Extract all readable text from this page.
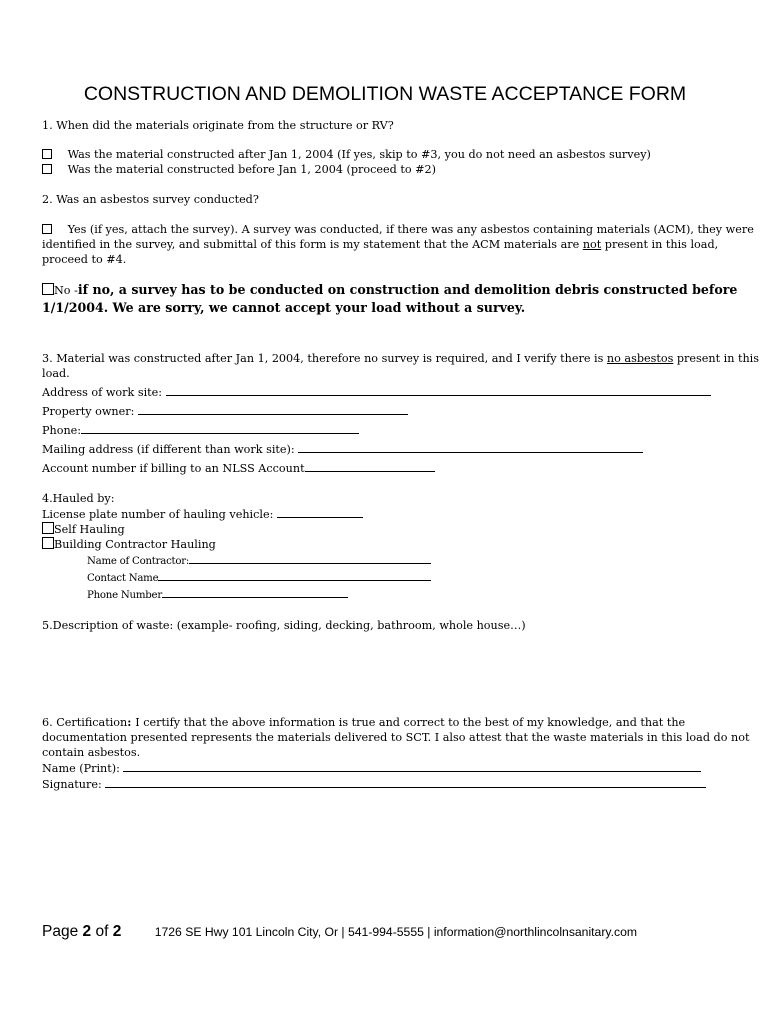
CONSTRUCTION AND DEMOLITION WASTE ACCEPTANCE FORM
1. When did the materials originate from the structure or RV?
Was the material constructed after Jan 1, 2004 (If yes, skip to #3, you do not need an asbestos survey)
Was the material constructed before Jan 1, 2004 (proceed to #2)
2. Was an asbestos survey conducted?
Yes (if yes, attach the survey). A survey was conducted, if there was any asbestos containing materials (ACM), they were
identified in the survey, and submittal of this form is my statement that the ACM materials are not present in this load,
proceed to #4.
No -if no, a survey has to be conducted on construction and demolition debris constructed before
1/1/2004. We are sorry, we cannot accept your load without a survey.
3. Material was constructed after Jan 1, 2004, therefore no survey is required, and I verify there is no asbestos present in this
load.
Address of work site:
Property owner:
Phone:
Mailing address (if different than work site):
Account number if billing to an NLSS Account
4.Hauled by:
License plate number of hauling vehicle:
Self Hauling
Building Contractor Hauling
Name of Contractor:
Contact Name
Phone Number
5.Description of waste: (example- roofing, siding, decking, bathroom, whole house…)
6. Certification: I certify that the above information is true and correct to the best of my knowledge, and that the
documentation presented represents the materials delivered to SCT. I also attest that the waste materials in this load do not
contain asbestos.
Name (Print):
Signature:
Page 2 of 2	1726 SE Hwy 101 Lincoln City, Or | 541-994-5555 | information@northlincolnsanitary.com
